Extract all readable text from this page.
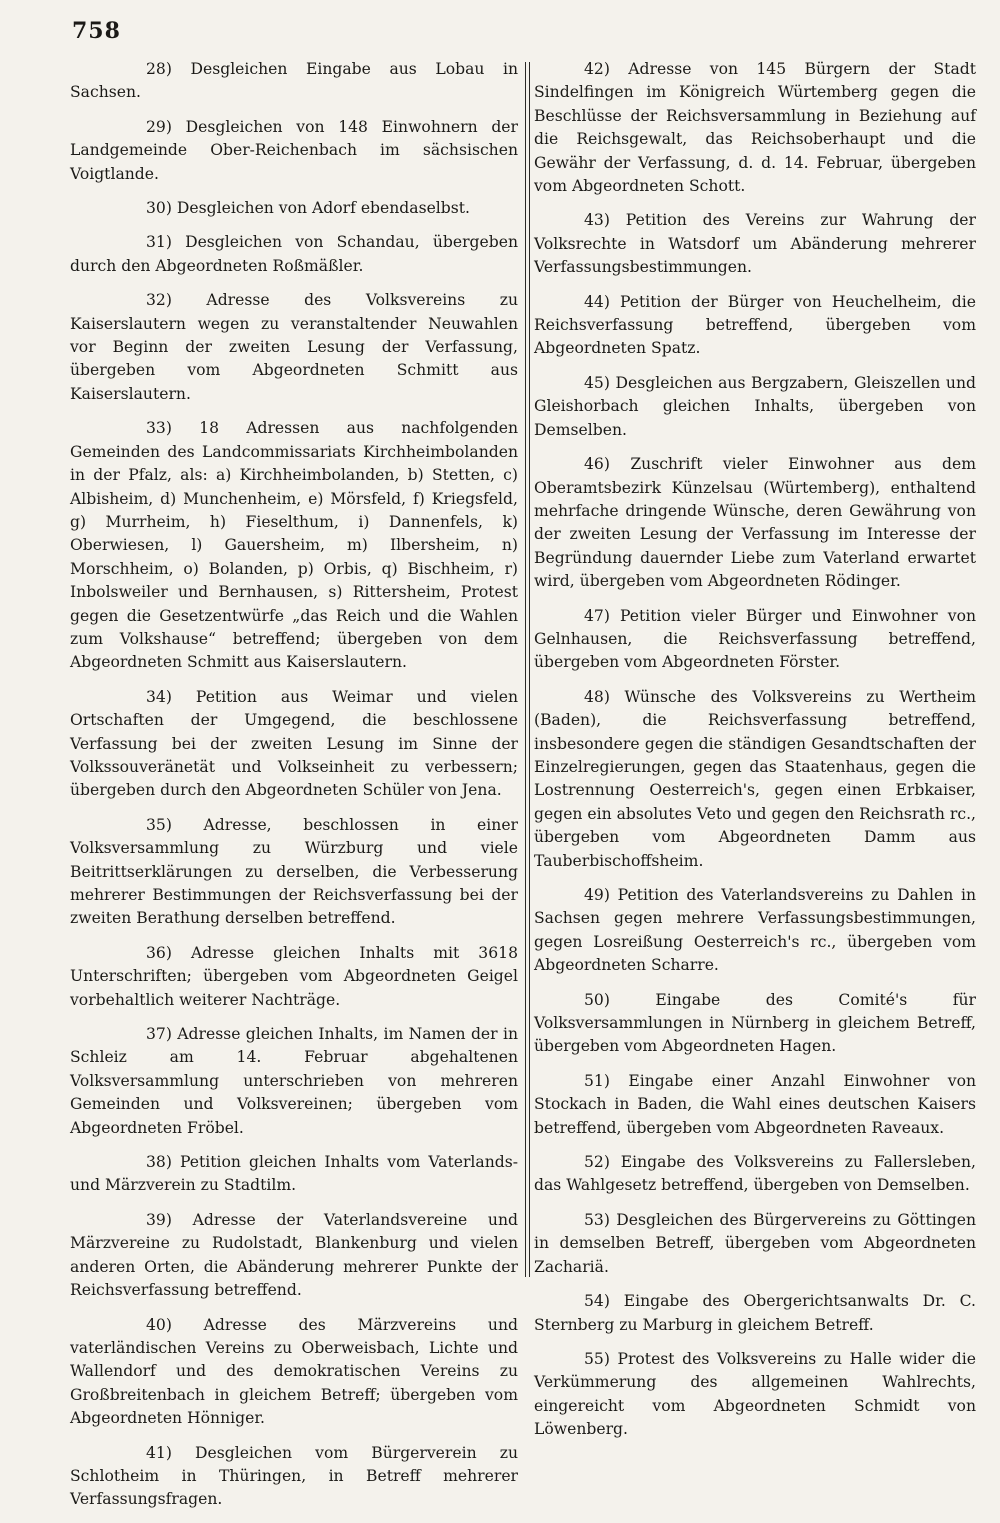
758

28) Desgleichen Eingabe aus Lobau in Sachsen.

29) Desgleichen von 148 Einwohnern der Landgemeinde Ober-Reichenbach im sächsischen Voigtlande.

30) Desgleichen von Adorf ebendaselbst.

31) Desgleichen von Schandau, übergeben durch den Abgeordneten Roßmäßler.

32) Adresse des Volksvereins zu Kaiserslautern wegen zu veranstaltender Neuwahlen vor Beginn der zweiten Lesung der Verfassung, übergeben vom Abgeordneten Schmitt aus Kaiserslautern.

33) 18 Adressen aus nachfolgenden Gemeinden des Landcommissariats Kirchheimbolanden in der Pfalz, als: a) Kirchheimbolanden, b) Stetten, c) Albisheim, d) Munchenheim, e) Mörsfeld, f) Kriegsfeld, g) Murrheim, h) Fieselthum, i) Dannenfels, k) Oberwiesen, l) Gauersheim, m) Ilbersheim, n) Morschheim, o) Bolanden, p) Orbis, q) Bischheim, r) Inbolsweiler und Bernhausen, s) Rittersheim, Protest gegen die Gesetzentwürfe „das Reich und die Wahlen zum Volkshause“ betreffend; übergeben von dem Abgeordneten Schmitt aus Kaiserslautern.

34) Petition aus Weimar und vielen Ortschaften der Umgegend, die beschlossene Verfassung bei der zweiten Lesung im Sinne der Volkssouveränetät und Volkseinheit zu verbessern; übergeben durch den Abgeordneten Schüler von Jena.

35) Adresse, beschlossen in einer Volksversammlung zu Würzburg und viele Beitrittserklärungen zu derselben, die Verbesserung mehrerer Bestimmungen der Reichsverfassung bei der zweiten Berathung derselben betreffend.

36) Adresse gleichen Inhalts mit 3618 Unterschriften; übergeben vom Abgeordneten Geigel vorbehaltlich weiterer Nachträge.

37) Adresse gleichen Inhalts, im Namen der in Schleiz am 14. Februar abgehaltenen Volksversammlung unterschrieben von mehreren Gemeinden und Volksvereinen; übergeben vom Abgeordneten Fröbel.

38) Petition gleichen Inhalts vom Vaterlands- und Märzverein zu Stadtilm.

39) Adresse der Vaterlandsvereine und Märzvereine zu Rudolstadt, Blankenburg und vielen anderen Orten, die Abänderung mehrerer Punkte der Reichsverfassung betreffend.

40) Adresse des Märzvereins und vaterländischen Vereins zu Oberweisbach, Lichte und Wallendorf und des demokratischen Vereins zu Großbreitenbach in gleichem Betreff; übergeben vom Abgeordneten Hönniger.

41) Desgleichen vom Bürgerverein zu Schlotheim in Thüringen, in Betreff mehrerer Verfassungsfragen.

42) Adresse von 145 Bürgern der Stadt Sindelfingen im Königreich Würtemberg gegen die Beschlüsse der Reichsversammlung in Beziehung auf die Reichsgewalt, das Reichsoberhaupt und die Gewähr der Verfassung, d. d. 14. Februar, übergeben vom Abgeordneten Schott.

43) Petition des Vereins zur Wahrung der Volksrechte in Watsdorf um Abänderung mehrerer Verfassungsbestimmungen.

44) Petition der Bürger von Heuchelheim, die Reichsverfassung betreffend, übergeben vom Abgeordneten Spatz.

45) Desgleichen aus Bergzabern, Gleiszellen und Gleishorbach gleichen Inhalts, übergeben von Demselben.

46) Zuschrift vieler Einwohner aus dem Oberamtsbezirk Künzelsau (Würtemberg), enthaltend mehrfache dringende Wünsche, deren Gewährung von der zweiten Lesung der Verfassung im Interesse der Begründung dauernder Liebe zum Vaterland erwartet wird, übergeben vom Abgeordneten Rödinger.

47) Petition vieler Bürger und Einwohner von Gelnhausen, die Reichsverfassung betreffend, übergeben vom Abgeordneten Förster.

48) Wünsche des Volksvereins zu Wertheim (Baden), die Reichsverfassung betreffend, insbesondere gegen die ständigen Gesandtschaften der Einzelregierungen, gegen das Staatenhaus, gegen die Lostrennung Oesterreich's, gegen einen Erbkaiser, gegen ein absolutes Veto und gegen den Reichsrath rc., übergeben vom Abgeordneten Damm aus Tauberbischoffsheim.

49) Petition des Vaterlandsvereins zu Dahlen in Sachsen gegen mehrere Verfassungsbestimmungen, gegen Losreißung Oesterreich's rc., übergeben vom Abgeordneten Scharre.

50) Eingabe des Comité's für Volksversammlungen in Nürnberg in gleichem Betreff, übergeben vom Abgeordneten Hagen.

51) Eingabe einer Anzahl Einwohner von Stockach in Baden, die Wahl eines deutschen Kaisers betreffend, übergeben vom Abgeordneten Raveaux.

52) Eingabe des Volksvereins zu Fallersleben, das Wahlgesetz betreffend, übergeben von Demselben.

53) Desgleichen des Bürgervereins zu Göttingen in demselben Betreff, übergeben vom Abgeordneten Zachariä.

54) Eingabe des Obergerichtsanwalts Dr. C. Sternberg zu Marburg in gleichem Betreff.

55) Protest des Volksvereins zu Halle wider die Verkümmerung des allgemeinen Wahlrechts, eingereicht vom Abgeordneten Schmidt von Löwenberg.
